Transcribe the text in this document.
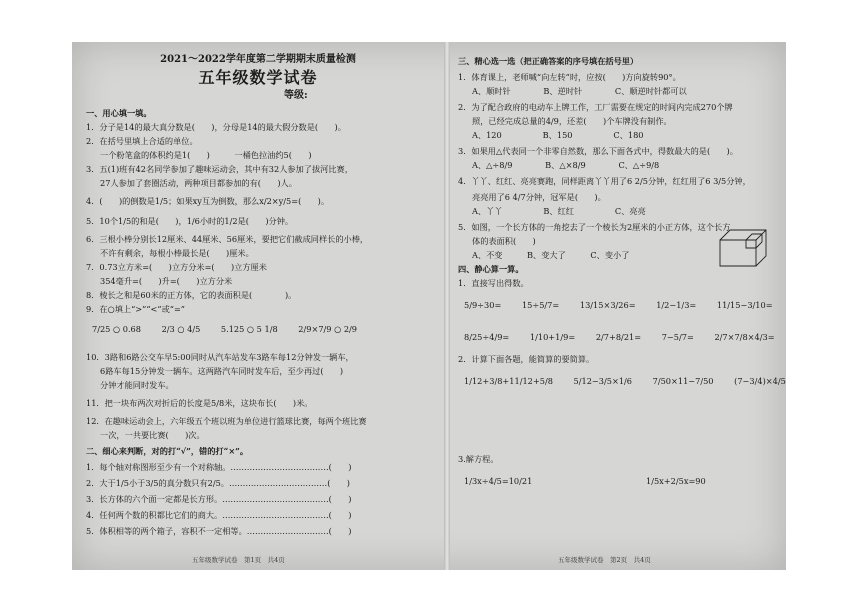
2021～2022学年度第二学期期末质量检测
五年级数学试卷
等级:
一、用心填一填。
1．分子是14的最大真分数是(　　)，分母是14的最大假分数是(　　)。
2．在括号里填上合适的单位。
一个粉笔盒的体积约是1(　　)　　　一桶色拉油约5(　　)
3．五(1)班有42名同学参加了趣味运动会，其中有32人参加了拔河比赛，
27人参加了套圈活动，两种项目都参加的有(　　)人。
4．(　　)的倒数是1/5；如果xy互为倒数，那么x/2×y/5=(　　)。
5．10个1/5的和是(　　)，1/6小时的1/2是(　　)分钟。
6．三根小棒分别长12厘米、44厘米、56厘米，要把它们截成同样长的小棒，
不许有剩余，每根小棒最长是(　　)厘米。
7．0.73立方米=(　　)立方分米=(　　)立方厘米
354毫升=(　　)升=(　　)立方分米
8．棱长之和是60米的正方体，它的表面积是(　　　　)。
9．在○填上“>”“<”或“=”
7/25 ○ 0.68	2/3 ○ 4/5	5.125 ○ 5 1/8	2/9×7/9 ○ 2/9
10．3路和6路公交车早5:00同时从汽车站发车3路车每12分钟发一辆车，
6路车每15分钟发一辆车。这两路汽车同时发车后，至少再过(　　)
分钟才能同时发车。
11．把一块布两次对折后的长度是5/8米，这块布长(　　)米。
12．在趣味运动会上，六年级五个班以班为单位进行篮球比赛，每两个班比赛
一次，一共要比赛(　　)次。
二、细心来判断，对的打“√”，错的打“×”。
1．每个轴对称图形至少有一个对称轴。………………………………(　　)
2．大于1/5小于3/5的真分数只有2/5。………………………………(　　)
3．长方体的六个面一定都是长方形。…………………………………(　　)
4．任何两个数的积都比它们的商大。…………………………………(　　)
5．体积相等的两个箱子，容积不一定相等。…………………………(　　)
五年级数学试卷　第1页　共4页
三、精心选一选（把正确答案的序号填在括号里）
1．体育课上，老师喊“向左转”时，应按(　　)方向旋转90°。
A、顺时针　　　　B、逆时针　　　　C、顺逆时针都可以
2．为了配合政府的电动车上牌工作，工厂需要在规定的时间内完成270个牌
照，已经完成总量的4/9，还差(　　)个车牌没有制作。
A、120　　　　　B、150　　　　　C、180
3．如果用△代表同一个非零自然数，那么下面各式中，得数最大的是(　　)。
A、△÷8/9　　　　B、△×8/9　　　　C、△÷9/8
4．丫丫、红红、亮亮赛跑，同样距离丫丫用了6 2/5分钟，红红用了6 3/5分钟，
亮亮用了6 4/7分钟，冠军是(　　)。
A、丫丫　　　　　B、红红　　　　　C、亮亮
5．如图，一个长方体的一角挖去了一个棱长为2厘米的小正方体，这个长方
体的表面积(　　)
A、不变　　　B、变大了　　　C、变小了
四、静心算一算。
1．直接写出得数。
5/9÷30=	15÷5/7=	13/15×3/26=	1/2−1/3=	11/15−3/10=
8/25÷4/9=	1/10+1/9=	2/7+8/21=	7−5/7=	2/7×7/8×4/3=
2．计算下面各题，能简算的要简算。
1/12+3/8+11/12+5/8	5/12−3/5×1/6	7/50×11−7/50	(7−3/4)×4/5
3.解方程。
1/3x÷4/5=10/21	1/5x+2/5x=90
五年级数学试卷　第2页　共4页
